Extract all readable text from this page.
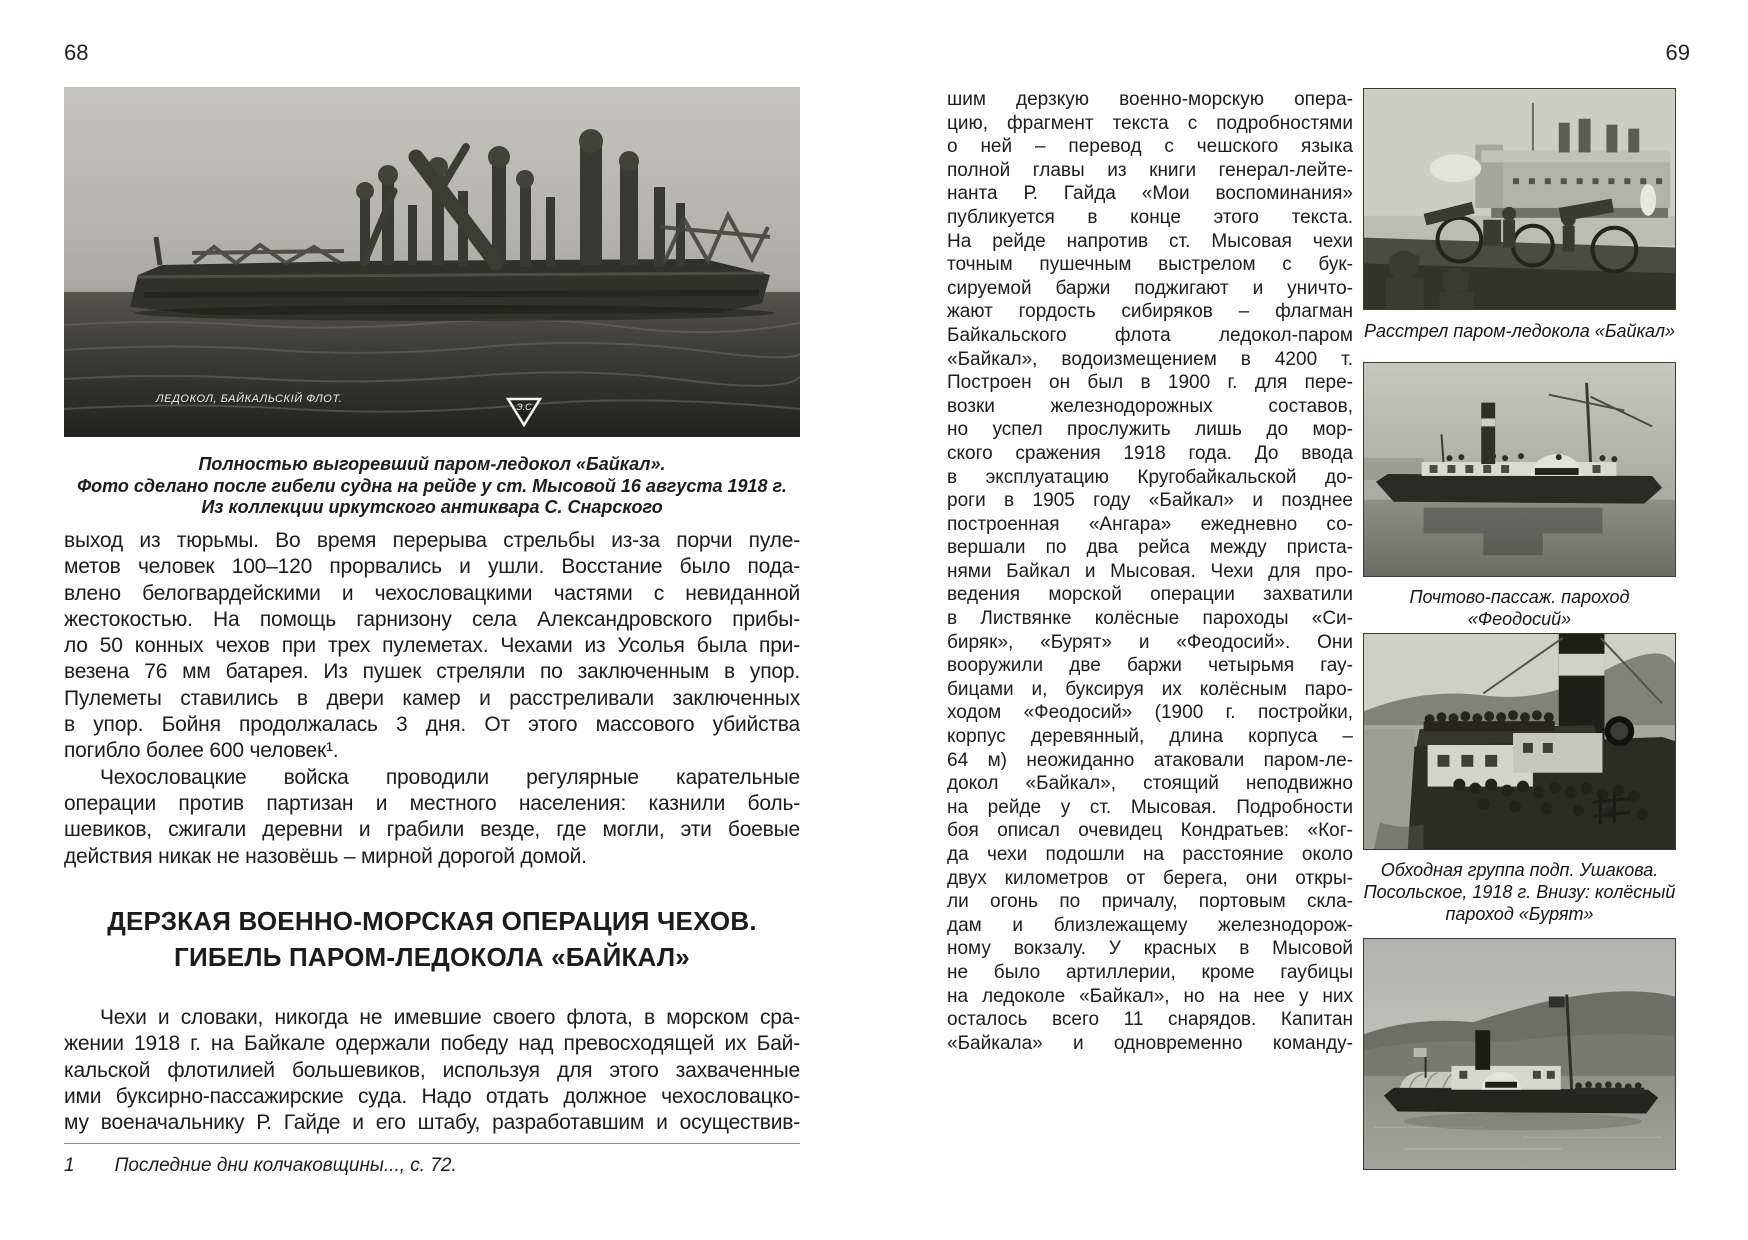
68
ЛЕДОКОЛ, БАЙКАЛЬСКІЙ ФЛОТ.
Э.С
Полностью выгоревший паром-ледокол «Байкал».
Фото сделано после гибели судна на рейде у ст. Мысовой 16 августа 1918 г.
Из коллекции иркутского антиквара С. Снарского
выход из тюрьмы. Во время перерыва стрельбы из-за порчи пуле-
метов человек 100–120 прорвались и ушли. Восстание было пода-
влено белогвардейскими и чехословацкими частями с невиданной
жестокостью. На помощь гарнизону села Александровского прибы-
ло 50 конных чехов при трех пулеметах. Чехами из Усолья была при-
везена 76 мм батарея. Из пушек стреляли по заключенным в упор.
Пулеметы ставились в двери камер и расстреливали заключенных
в упор. Бойня продолжалась 3 дня. От этого массового убийства
погибло более 600 человек¹.
Чехословацкие войска проводили регулярные карательные
операции против партизан и местного населения: казнили боль-
шевиков, сжигали деревни и грабили везде, где могли, эти боевые
действия никак не назовёшь – мирной дорогой домой.
ДЕРЗКАЯ ВОЕННО-МОРСКАЯ ОПЕРАЦИЯ ЧЕХОВ.
ГИБЕЛЬ ПАРОМ-ЛЕДОКОЛА «БАЙКАЛ»
Чехи и словаки, никогда не имевшие своего флота, в морском сра-
жении 1918 г. на Байкале одержали победу над превосходящей их Бай-
кальской флотилией большевиков, используя для этого захваченные
ими буксирно-пассажирские суда. Надо отдать должное чехословацко-
му военачальнику Р. Гайде и его штабу, разработавшим и осуществив-
1 Последние дни колчаковщины..., с. 72.
69
шим дерзкую военно-морскую опера-
цию, фрагмент текста с подробностями
о ней – перевод с чешского языка
полной главы из книги генерал-лейте-
нанта Р. Гайда «Мои воспоминания»
публикуется в конце этого текста.
На рейде напротив ст. Мысовая чехи
точным пушечным выстрелом с бук-
сируемой баржи поджигают и уничто-
жают гордость сибиряков – флагман
Байкальского флота ледокол-паром
«Байкал», водоизмещением в 4200 т.
Построен он был в 1900 г. для пере-
возки железнодорожных составов,
но успел прослужить лишь до мор-
ского сражения 1918 года. До ввода
в эксплуатацию Кругобайкальской до-
роги в 1905 году «Байкал» и позднее
построенная «Ангара» ежедневно со-
вершали по два рейса между приста-
нями Байкал и Мысовая. Чехи для про-
ведения морской операции захватили
в Листвянке колёсные пароходы «Си-
биряк», «Бурят» и «Феодосий». Они
вооружили две баржи четырьмя гау-
бицами и, буксируя их колёсным паро-
ходом «Феодосий» (1900 г. постройки,
корпус деревянный, длина корпуса –
64 м) неожиданно атаковали паром-ле-
докол «Байкал», стоящий неподвижно
на рейде у ст. Мысовая. Подробности
боя описал очевидец Кондратьев: «Ког-
да чехи подошли на расстояние около
двух километров от берега, они откры-
ли огонь по причалу, портовым скла-
дам и близлежащему железнодорож-
ному вокзалу. У красных в Мысовой
не было артиллерии, кроме гаубицы
на ледоколе «Байкал», но на нее у них
осталось всего 11 снарядов. Капитан
«Байкала» и одновременно команду-
Расстрел паром-ледокола «Байкал»
Почтово-пассаж. пароход
«Феодосий»
Обходная группа подп. Ушакова.
Посольское, 1918 г. Внизу: колёсный
пароход «Бурят»
